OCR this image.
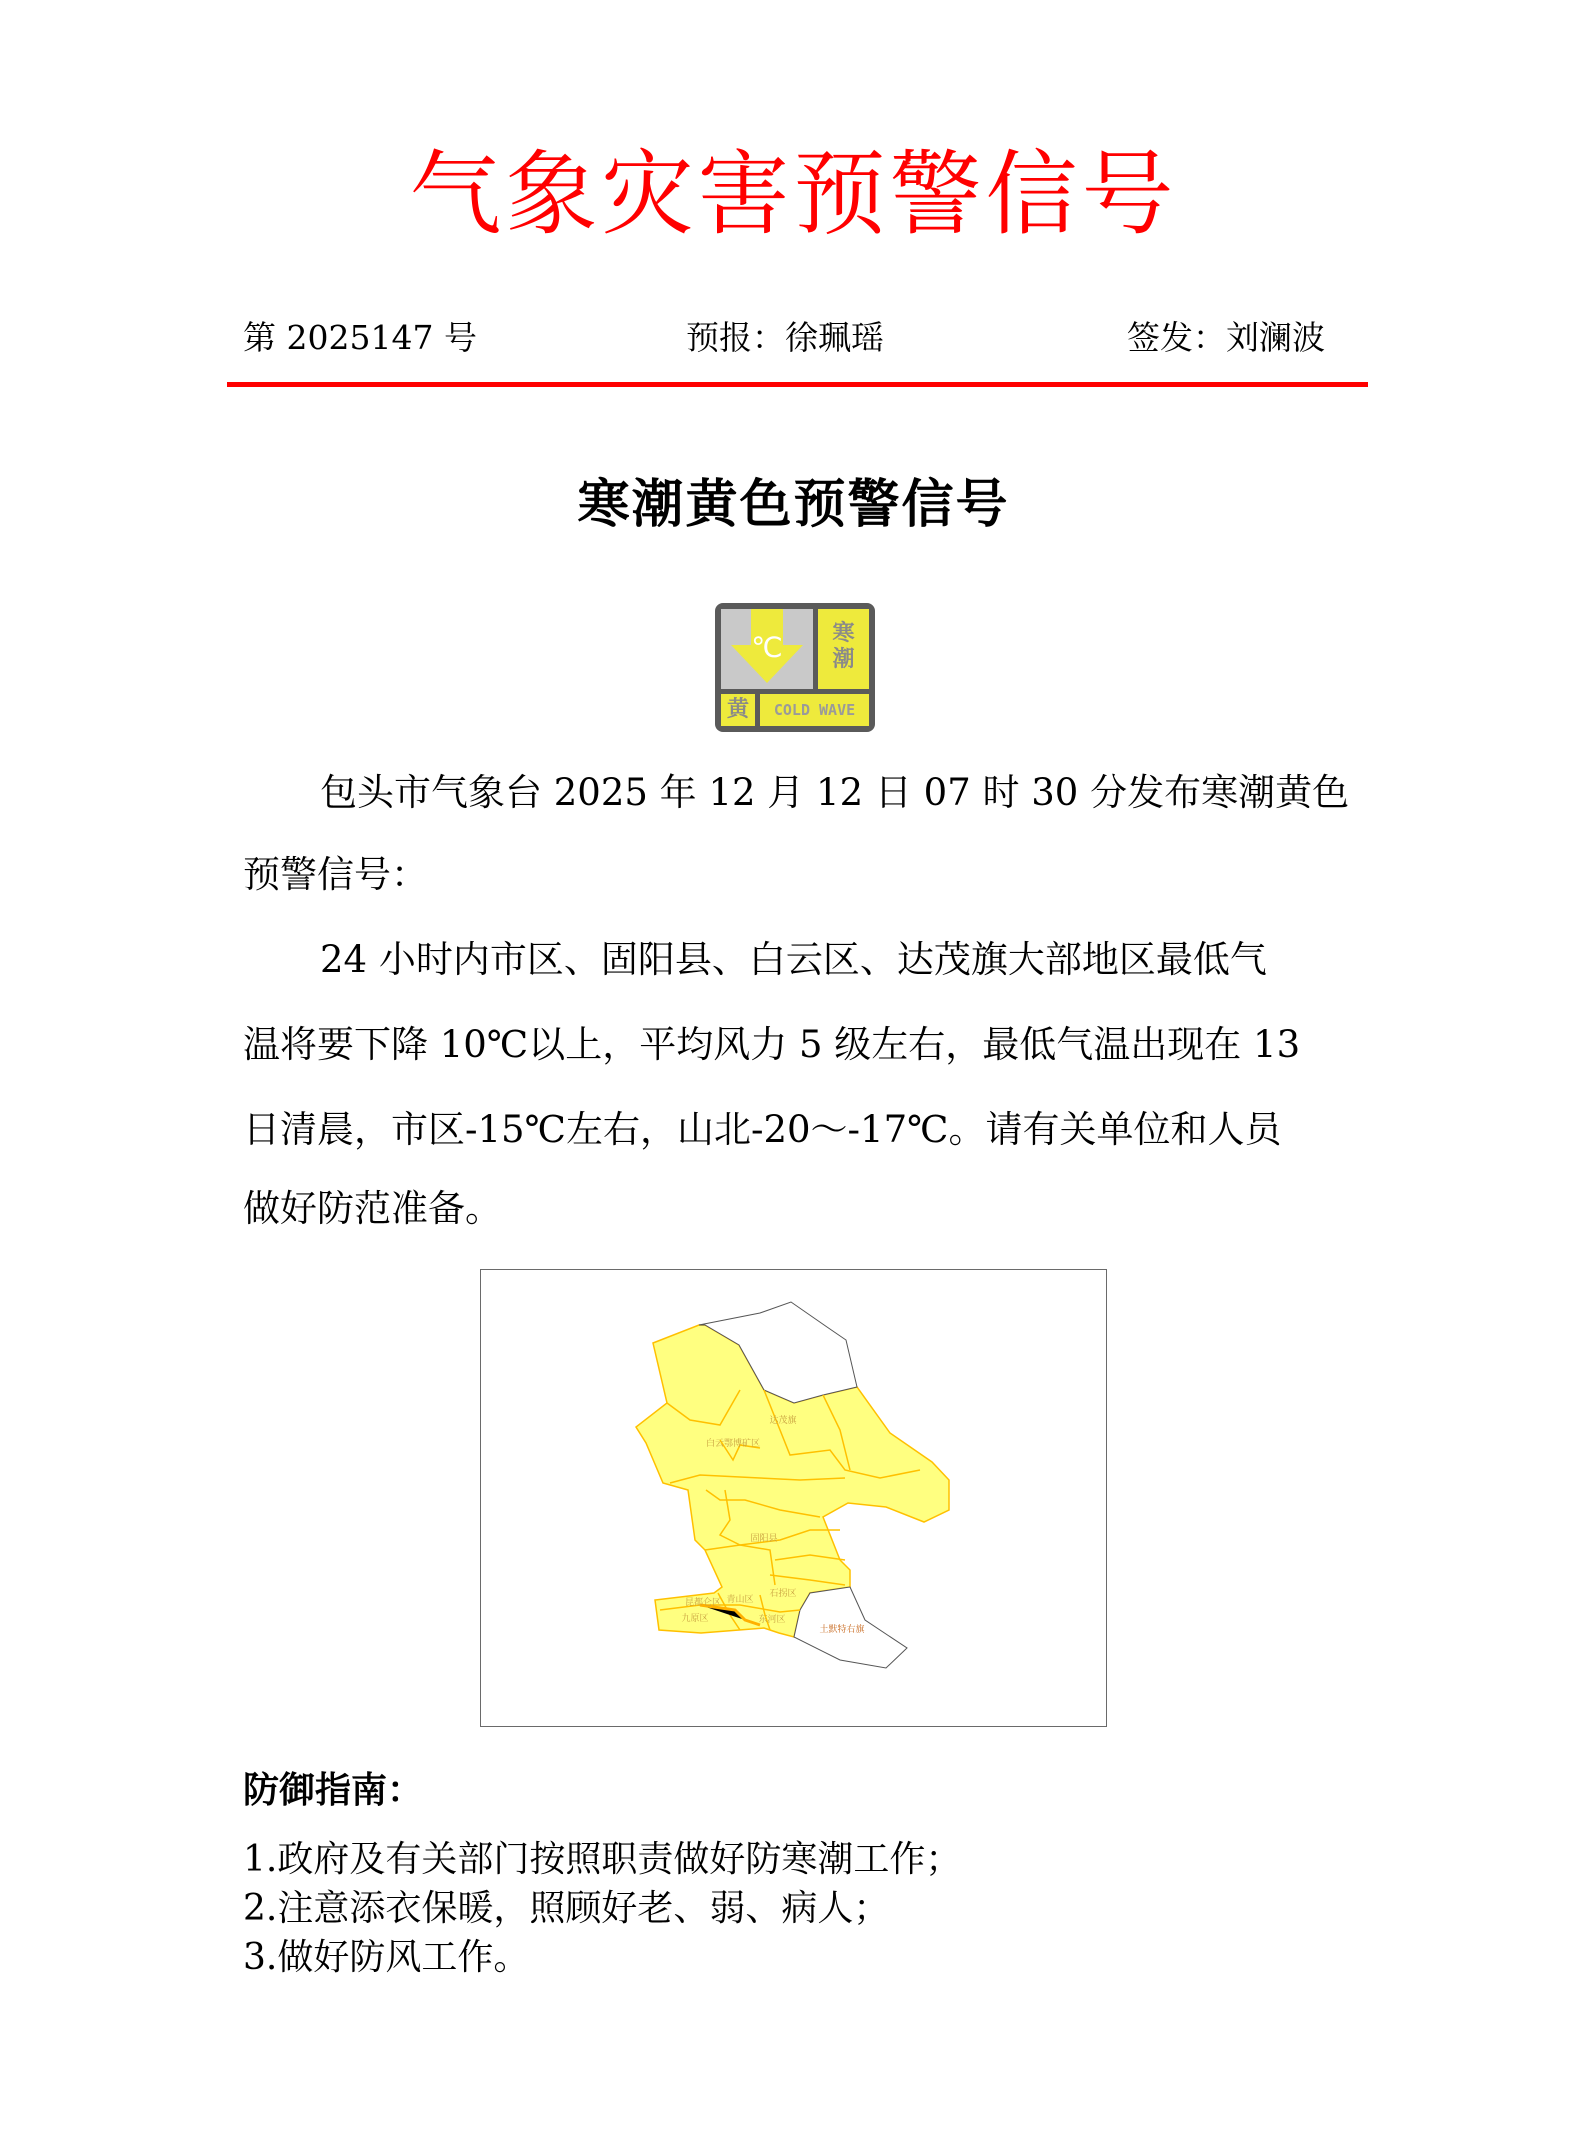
气象灾害预警信号
第 2025147 号	预报：徐珮瑶	签发：刘澜波
寒潮黄色预警信号
℃	寒
潮
黄	COLD WAVE
包头市气象台 2025 年 12 月 12 日 07 时 30 分发布寒潮黄色
预警信号：
24 小时内市区、固阳县、白云区、达茂旗大部地区最低气
温将要下降 10℃以上，平均风力 5 级左右，最低气温出现在 13
日清晨，市区-15℃左右，山北-20～-17℃。请有关单位和人员
做好防范准备。
达茂旗
白云鄂博矿区
固阳县
石拐区
昆都仑区 青山区
九原区	东河区
土默特右旗
防御指南：
1.政府及有关部门按照职责做好防寒潮工作；
2.注意添衣保暖，照顾好老、弱、病人；
3.做好防风工作。
